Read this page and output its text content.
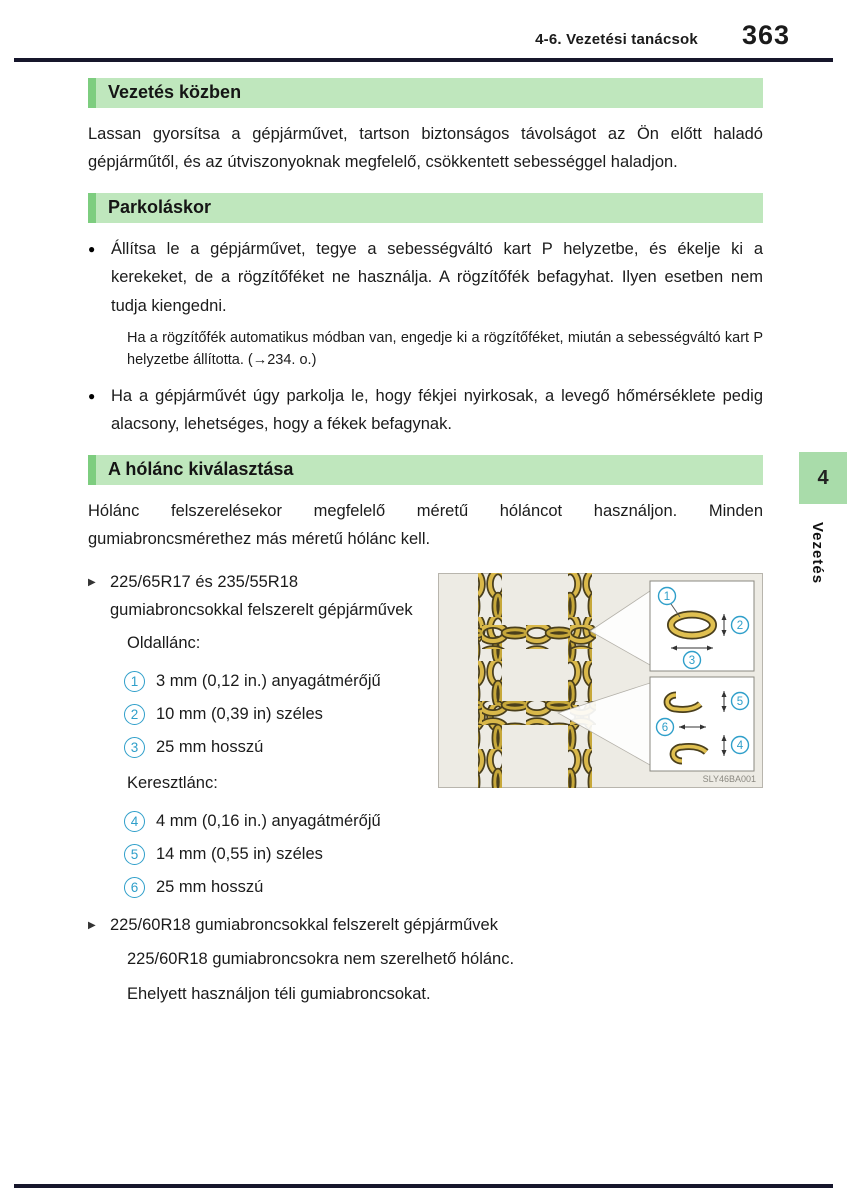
4-6. Vezetési tanácsok 363
4
Vezetés
Vezetés közben

Lassan gyorsítsa a gépjárművet, tartson biztonságos távolságot az Ön előtt haladó gépjárműtől, és az útviszonyoknak megfelelő, csökkentett sebességgel haladjon.

Parkoláskor
● Állítsa le a gépjárművet, tegye a sebességváltó kart P helyzetbe, és ékelje ki a kerekeket, de a rögzítőféket ne használja. A rögzítőfék befagyhat. Ilyen esetben nem tudja kiengedni.

Ha a rögzítőfék automatikus módban van, engedje ki a rögzítőféket, miután a sebességváltó kart P helyzetbe állította. (→234. o.)

● Ha a gépjárművét úgy parkolja le, hogy fékjei nyirkosak, a levegő hőmérséklete pedig alacsony, lehetséges, hogy a fékek befagynak.
A hólánc kiválasztása

Hólánc felszerelésekor megfelelő méretű hóláncot használjon. Minden gumiabroncsmérethez más méretű hólánc kell.

1
2
3
5
6
4
SLY46BA001
▶ 225/65R17 és 235/55R18 gumiabroncsokkal felszerelt gépjárművek
Oldallánc:
1	3 mm (0,12 in.) anyagátmérőjű
2	10 mm (0,39 in) széles
3	25 mm hosszú
Keresztlánc:
4	4 mm (0,16 in.) anyagátmérőjű
5	14 mm (0,55 in) széles
6	25 mm hosszú
▶ 225/60R18 gumiabroncsokkal felszerelt gépjárművek
225/60R18 gumiabroncsokra nem szerelhető hólánc.
Ehelyett használjon téli gumiabroncsokat.
